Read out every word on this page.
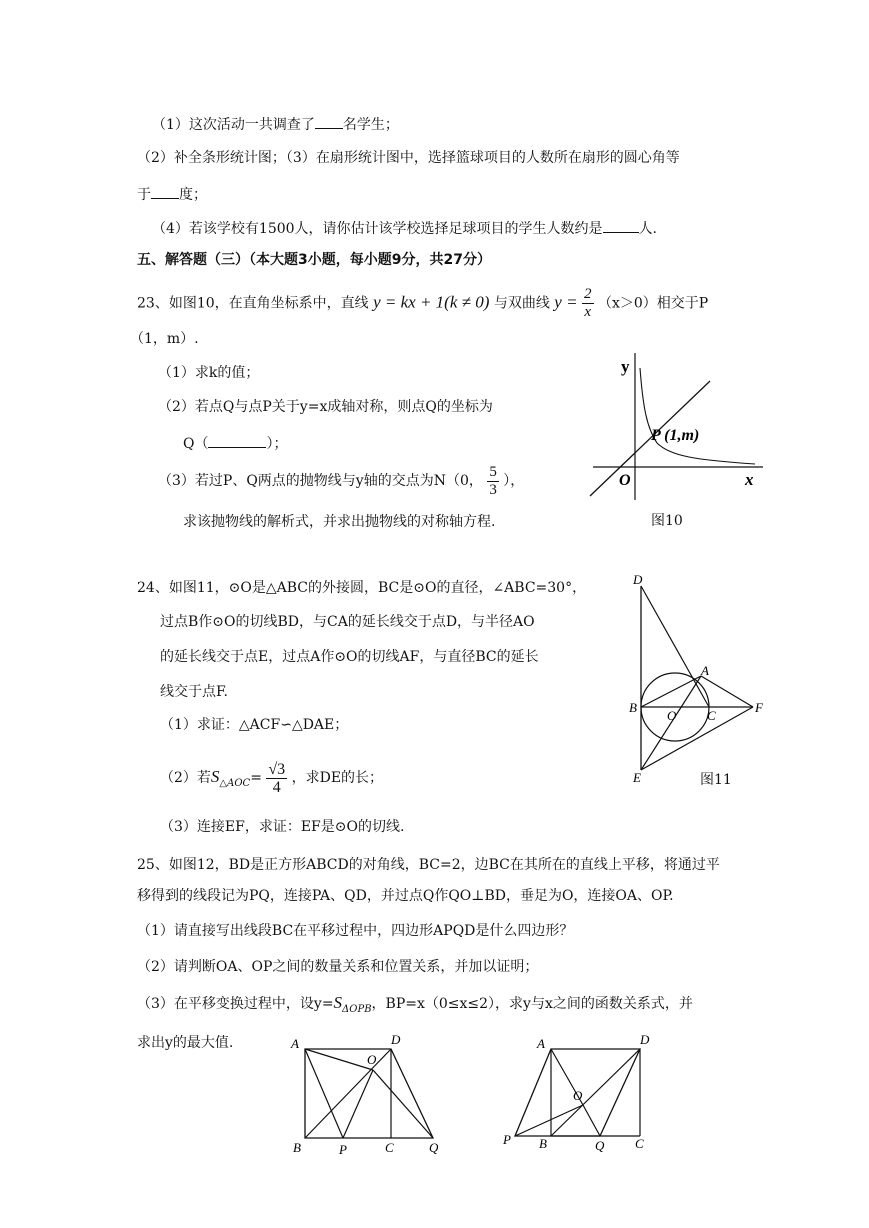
（1）这次活动一共调查了 名学生；
（2）补全条形统计图；（3）在扇形统计图中，选择篮球项目的人数所在扇形的圆心角等
于 度；
（4）若该学校有1500人，请你估计该学校选择足球项目的学生人数约是	人.
五、解答题（三）（本大题3小题，每小题9分，共27分）
23、如图10，在直角坐标系中，直线 y = kx + 1(k ≠ 0) 与双曲线 $y = \frac{2}{x} (x>0)$相交于P
（1，m）.
（1）求k的值；
（2）若点Q与点P关于y=x成轴对称，则点Q的坐标为
Q（	）；
（3）若过P、Q两点的抛物线与y轴的交点为N（0， $\frac{5}{3}$ ），
求该抛物线的解析式，并求出抛物线的对称轴方程.
y
x
O
P (1,m)
图10
24、如图11，⊙O是△ABC的外接圆，BC是⊙O的直径，∠ABC=30°，
过点B作⊙O的切线BD，与CA的延长线交于点D，与半径AO
的延长线交于点E，过点A作⊙O的切线AF，与直径BC的延长
线交于点F.
（1）求证：△ACF∽△DAE；
（2）若$S_{\triangle AOC}= \frac{√3}{4}$ ，求DE的长；
（3）连接EF，求证：EF是⊙O的切线.
D
A
B
O C
F
E	图11
25、如图12，BD是正方形ABCD的对角线，BC=2，边BC在其所在的直线上平移，将通过平
移得到的线段记为PQ，连接PA、QD，并过点Q作QO⊥BD，垂足为O，连接OA、OP.
（1）请直接写出线段BC在平移过程中，四边形APQD是什么四边形？
（2）请判断OA、OP之间的数量关系和位置关系，并加以证明；
（3）在平移变换过程中，设$y=S_{\Delta OPB}$，BP=x（0≤x≤2），求y与x之间的函数关系式，并
求出y的最大值.	A	D
O
B	P	C	Q
A	D
O
P B	Q C
